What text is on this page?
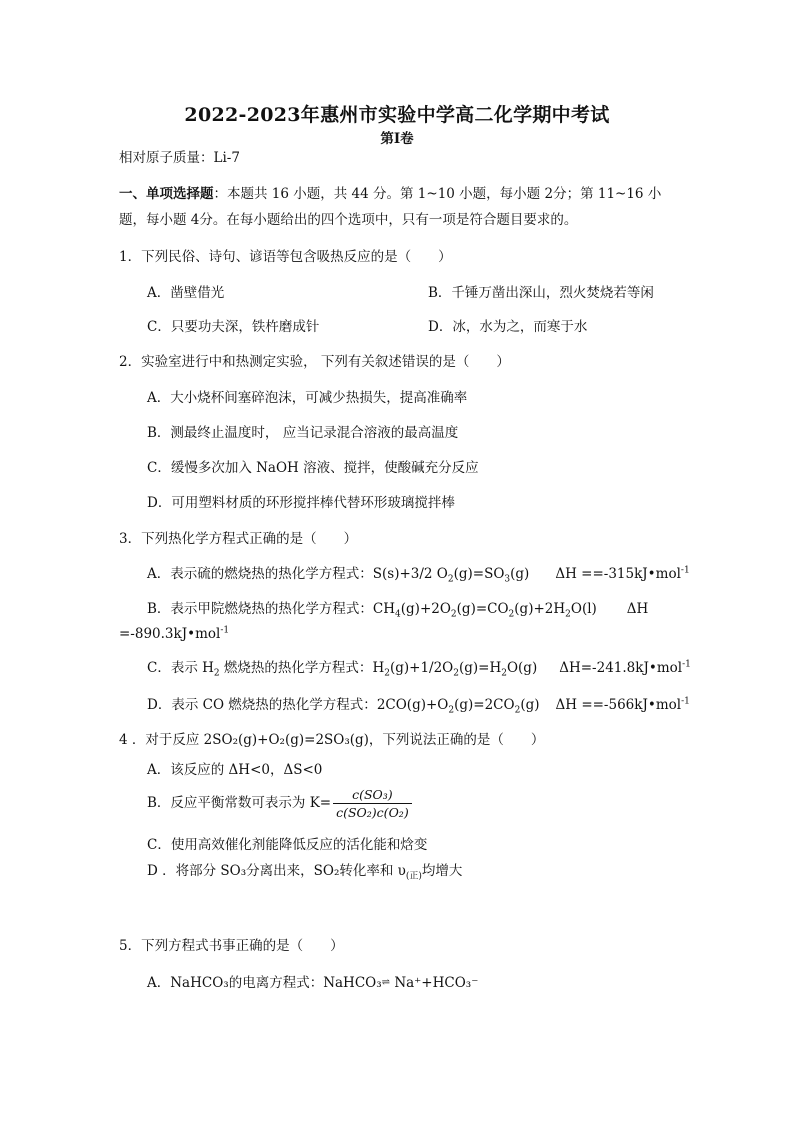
2022-2023年惠州市实验中学高二化学期中考试
第Ⅰ卷
相对原子质量：Li-7
一、单项选择题：本题共 16 小题，共 44 分。第 1~10 小题，每小题 2分；第 11~16 小
题，每小题 4分。在每小题给出的四个选项中，只有一项是符合题目要求的。
1．下列民俗、诗句、谚语等包含吸热反应的是（　　）
A．凿壁借光	B．千锤万凿出深山，烈火焚烧若等闲
C．只要功夫深，铁杵磨成针	D．冰，水为之，而寒于水
2．实验室进行中和热测定实验， 下列有关叙述错误的是（　　）
A．大小烧杯间塞碎泡沫，可减少热损失，提高准确率
B．测最终止温度时， 应当记录混合溶液的最高温度
C．缓慢多次加入 NaOH 溶液、搅拌，使酸碱充分反应
D．可用塑料材质的环形搅拌棒代替环形玻璃搅拌棒
3．下列热化学方程式正确的是（　　）
A．表示硫的燃烧热的热化学方程式：S(s)+3/2 $O_2(g)=SO_3(g)$ ΔH ==-315kJ•mol$^{-1}$
B．表示甲院燃烧热的热化学方程式：$CH_4(g)+2O_2(g)=CO_2(g)+2H_2O(l)$ ΔH
=-890.3kJ•mol$^{-1}$
C．表示 $H_2$ 燃烧热的热化学方程式：$H_2(g)+1/2O_2(g)=H_2O(g)$ ΔH=-241.8kJ•mol$^{-1}$
D．表示 CO 燃烧热的热化学方程式：$2CO(g)+O_2(g)=2CO_2(g)$ ΔH ==-566kJ•mol$^{-1}$
4 ．对于反应 2SO₂(g)+O₂(g)=2SO₃(g)，下列说法正确的是（　　）
A．该反应的 ΔH<0，ΔS<0
B．反应平衡常数可表示为 $K= \frac{\text{c(SO₃)}}{\text{c(SO₂)c(O₂)}}$
C．使用高效催化剂能降低反应的活化能和焓变
D ．将部分 SO₃分离出来，SO₂转化率和 $\upsilon_{(正)}$均增大
5．下列方程式书事正确的是（　　）
A．NaHCO₃的电离方程式：NaHCO₃⇌ Na⁺+HCO₃⁻
